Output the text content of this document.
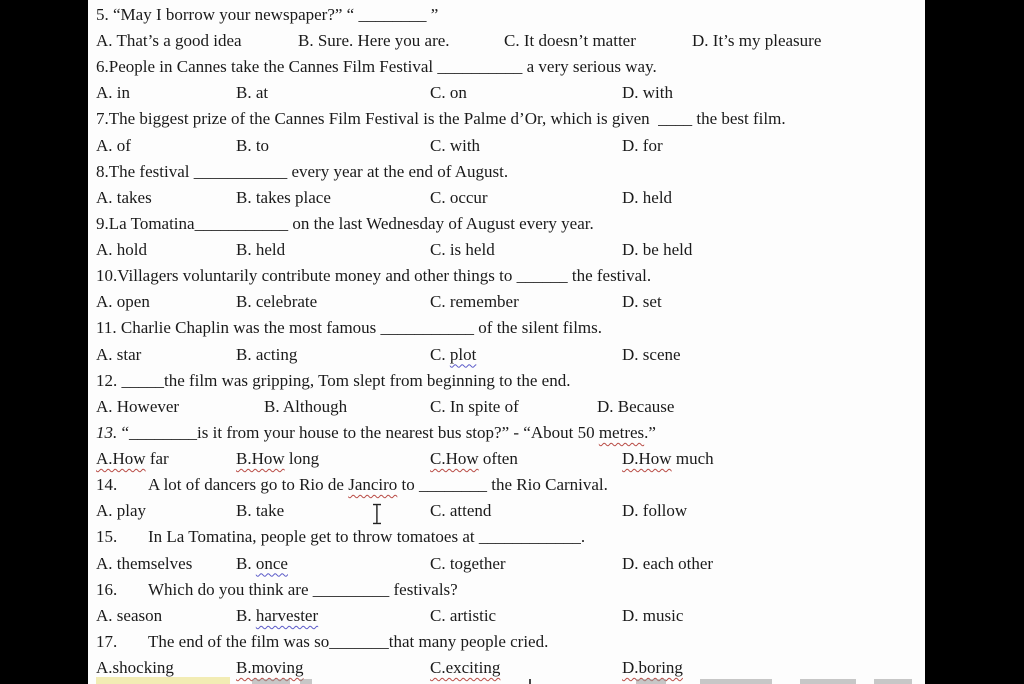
5. “May I borrow your newspaper?” “ ________ ”
A. That’s a good idea	B. Sure. Here you are.	C. It doesn’t matter	D. It’s my pleasure
6.People in Cannes take the Cannes Film Festival __________ a very serious way.
A. in	B. at	C. on	D. with
7.The biggest prize of the Cannes Film Festival is the Palme d’Or, which is given  ____ the best film.
A. of	B. to	C. with	D. for
8.The festival ___________ every year at the end of August.
A. takes	B. takes place	C. occur	D. held
9.La Tomatina___________ on the last Wednesday of August every year.
A. hold	B. held	C. is held	D. be held
10.Villagers voluntarily contribute money and other things to ______ the festival.
A. open	B. celebrate	C. remember	D. set
11. Charlie Chaplin was the most famous ___________ of the silent films.
A. star	B. acting	C. plot	D. scene
12. _____the film was gripping, Tom slept from beginning to the end.
A. However	B. Although	C. In spite of	D. Because
13. “________is it from your house to the nearest bus stop?” - “About 50 metres.”
A.How far	B.How long	C.How often	D.How much
14. A lot of dancers go to Rio de Janciro to ________ the Rio Carnival.
A. play	B. take	C. attend	D. follow
15. In La Tomatina, people get to throw tomatoes at ____________.
A. themselves	B. once	C. together	D. each other
16. Which do you think are _________ festivals?
A. season	B. harvester	C. artistic	D. music
17. The end of the film was so_______that many people cried.
A.shocking	B.moving	C.exciting	D.boring
